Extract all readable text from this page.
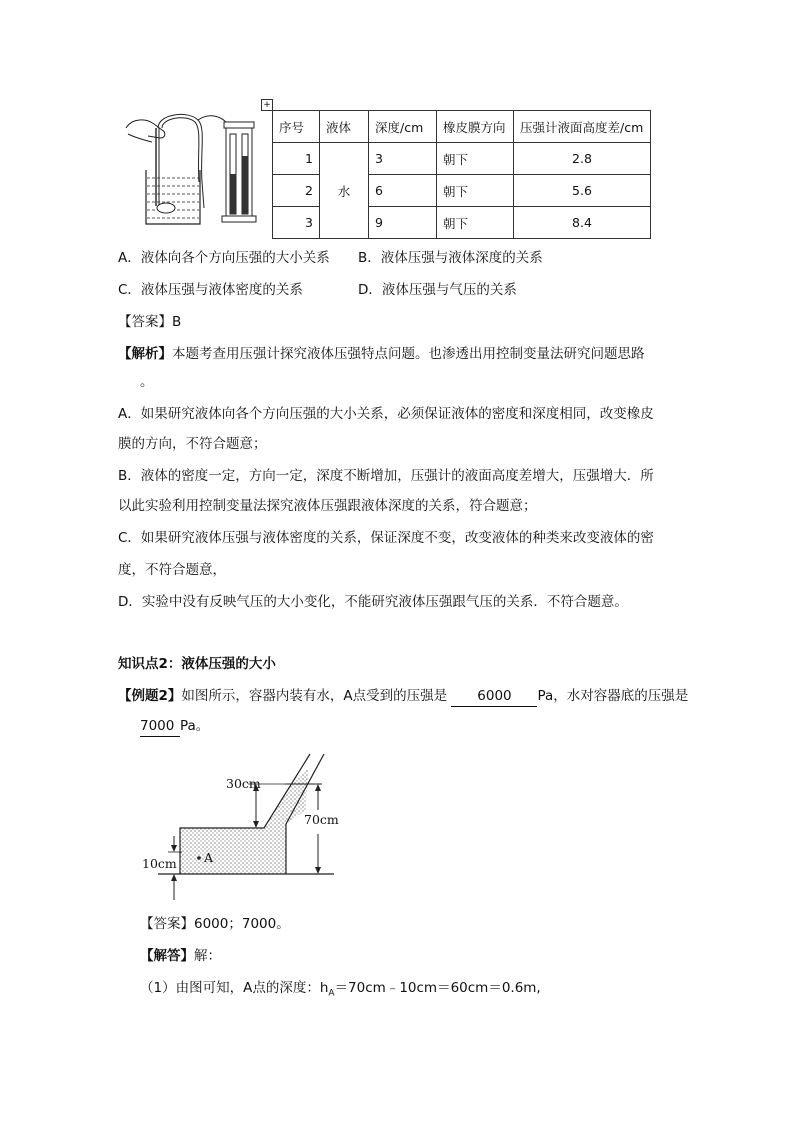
+
序号	液体	深度/cm	橡皮膜方向	压强计液面高度差/cm
1	水	3	朝下	2.8
2		6	朝下	5.6
3		9	朝下	8.4
A．液体向各个方向压强的大小关系 B．液体压强与液体深度的关系
C．液体压强与液体密度的关系	D．液体压强与气压的关系
【答案】B
【解析】本题考查用压强计探究液体压强特点问题。也渗透出用控制变量法研究问题思路
。
A．如果研究液体向各个方向压强的大小关系，必须保证液体的密度和深度相同，改变橡皮
膜的方向，不符合题意；
B．液体的密度一定，方向一定，深度不断增加，压强计的液面高度差增大，压强增大．所
以此实验利用控制变量法探究液体压强跟液体深度的关系，符合题意；
C．如果研究液体压强与液体密度的关系，保证深度不变，改变液体的种类来改变液体的密
度，不符合题意，
D．实验中没有反映气压的大小变化，不能研究液体压强跟气压的关系．不符合题意。
知识点2：液体压强的大小
【例题2】如图所示，容器内装有水，A点受到的压强是 6000 Pa，水对容器底的压强是
7000 Pa。
30cm
70cm
10cm A
【答案】6000；7000。
【解答】解：
（1）由图可知，A点的深度：$h_A=70cm﹣10cm=60cm=0.6m$,
